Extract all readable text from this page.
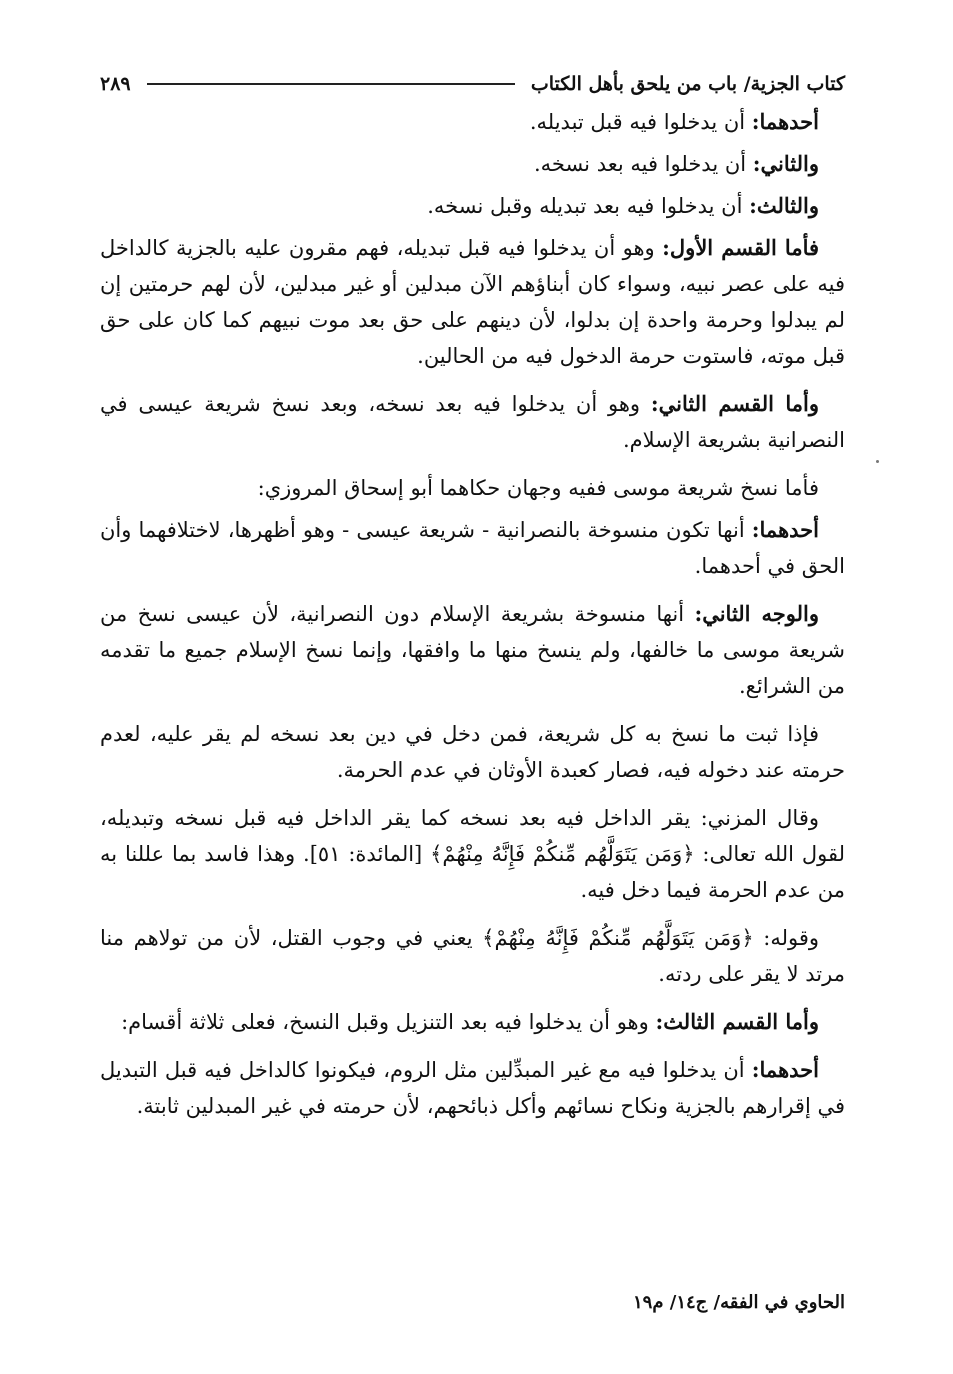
كتاب الجزية/ باب من يلحق بأهل الكتاب
٢٨٩

أحدهما: أن يدخلوا فيه قبل تبديله.

والثاني: أن يدخلوا فيه بعد نسخه.

والثالث: أن يدخلوا فيه بعد تبديله وقبل نسخه.

فأما القسم الأول: وهو أن يدخلوا فيه قبل تبديله، فهم مقرون عليه بالجزية كالداخل فيه على عصر نبيه، وسواء كان أبناؤهم الآن مبدلين أو غير مبدلين، لأن لهم حرمتين إن لم يبدلوا وحرمة واحدة إن بدلوا، لأن دينهم على حق بعد موت نبيهم كما كان على حق قبل موته، فاستوت حرمة الدخول فيه من الحالين.

وأما القسم الثاني: وهو أن يدخلوا فيه بعد نسخه، وبعد نسخ شريعة عيسى في النصرانية بشريعة الإسلام.

فأما نسخ شريعة موسى ففيه وجهان حكاهما أبو إسحاق المروزي:

أحدهما: أنها تكون منسوخة بالنصرانية - شريعة عيسى - وهو أظهرها، لاختلافهما وأن الحق في أحدهما.

والوجه الثاني: أنها منسوخة بشريعة الإسلام دون النصرانية، لأن عيسى نسخ من شريعة موسى ما خالفها، ولم ينسخ منها ما وافقها، وإنما نسخ الإسلام جميع ما تقدمه من الشرائع.

فإذا ثبت ما نسخ به كل شريعة، فمن دخل في دين بعد نسخه لم يقر عليه، لعدم حرمته عند دخوله فيه، فصار كعبدة الأوثان في عدم الحرمة.

وقال المزني: يقر الداخل فيه بعد نسخه كما يقر الداخل فيه قبل نسخه وتبديله، لقول الله تعالى: ﴿وَمَن يَتَوَلَّهُم مِّنكُمْ فَإِنَّهُ مِنْهُمْ﴾ [المائدة: ٥١]. وهذا فاسد بما عللنا به من عدم الحرمة فيما دخل فيه.

وقوله: ﴿وَمَن يَتَوَلَّهُم مِّنكُمْ فَإِنَّهُ مِنْهُمْ﴾ يعني في وجوب القتل، لأن من تولاهم منا مرتد لا يقر على ردته.

وأما القسم الثالث: وهو أن يدخلوا فيه بعد التنزيل وقبل النسخ، فعلى ثلاثة أقسام:

أحدهما: أن يدخلوا فيه مع غير المبدِّلين مثل الروم، فيكونوا كالداخل فيه قبل التبديل في إقرارهم بالجزية ونكاح نسائهم وأكل ذبائحهم، لأن حرمته في غير المبدلين ثابتة.

الحاوي في الفقه/ ج١٤/ م١٩
